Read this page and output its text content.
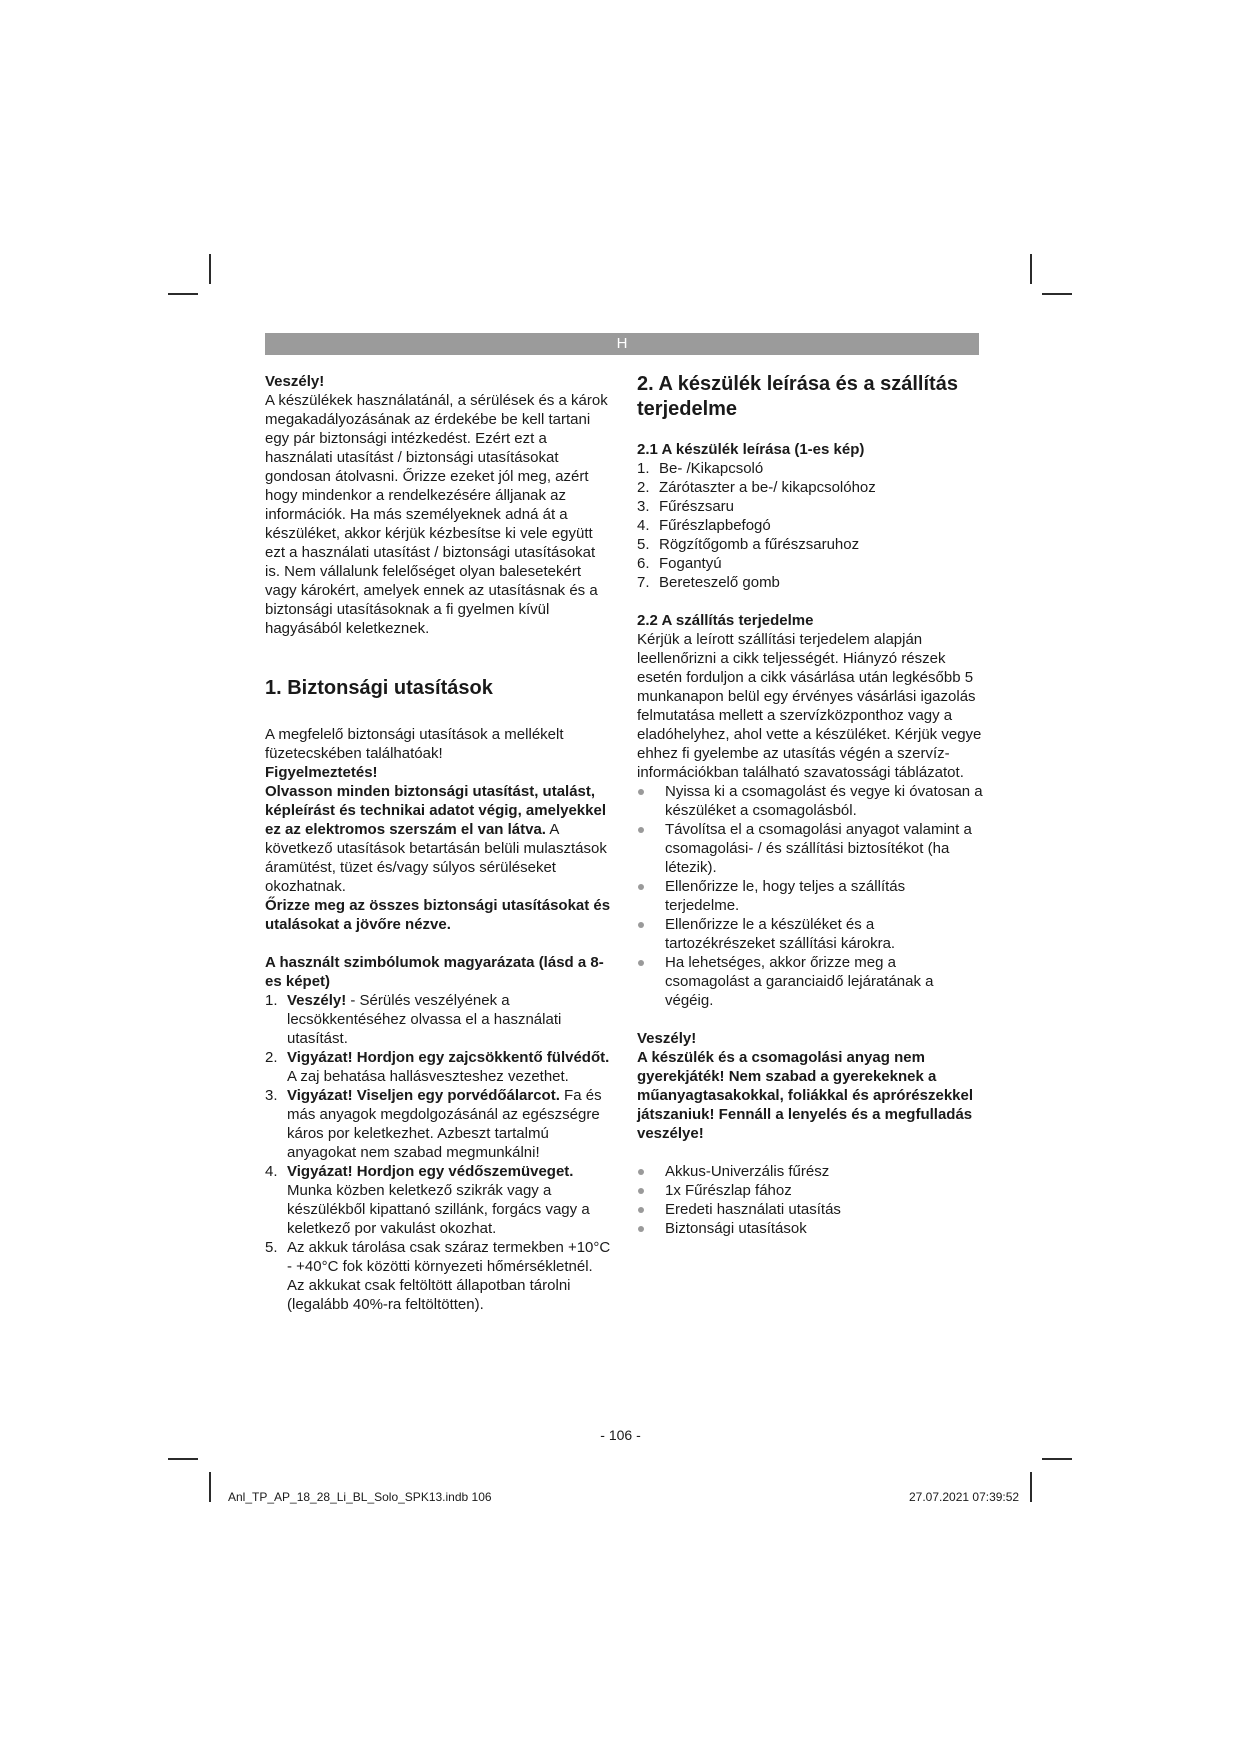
H

Veszély!

A készülékek használatánál, a sérülések és a károk megakadályozásának az érdekébe be kell tartani egy pár biztonsági intézkedést. Ezért ezt a használati utasítást / biztonsági utasításokat gondosan átolvasni. Őrizze ezeket jól meg, azért hogy mindenkor a rendelkezésére álljanak az információk. Ha más személyeknek adná át a készüléket, akkor kérjük kézbesítse ki vele együtt ezt a használati utasítást / biztonsági utasításokat is. Nem vállalunk felelőséget olyan balesetekért vagy károkért, amelyek ennek az utasításnak és a biztonsági utasításoknak a fi gyelmen kívül hagyásából keletkeznek.

1. Biztonsági utasítások

A megfelelő biztonsági utasítások a mellékelt füzetecskében találhatóak!

Figyelmeztetés!

Olvasson minden biztonsági utasítást, utalást, képleírást és technikai adatot végig, amelyekkel ez az elektromos szerszám el van látva. A következő utasítások betartásán belüli mulasztások áramütést, tüzet és/vagy súlyos sérüléseket okozhatnak.

Őrizze meg az összes biztonsági utasításokat és utalásokat a jövőre nézve.

A használt szimbólumok magyarázata (lásd a 8-es képet)

1. Veszély! - Sérülés veszélyének a lecsökkentéséhez olvassa el a használati utasítást.
2. Vigyázat! Hordjon egy zajcsökkentő fülvédőt. A zaj behatása hallásveszteshez vezethet.
3. Vigyázat! Viseljen egy porvédőálarcot. Fa és más anyagok megdolgozásánál az egészségre káros por keletkezhet. Azbeszt tartalmú anyagokat nem szabad megmunkálni!
4. Vigyázat! Hordjon egy védőszemüveget. Munka közben keletkező szikrák vagy a készülékből kipattanó szillánk, forgács vagy a keletkező por vakulást okozhat.
5. Az akkuk tárolása csak száraz termekben +10°C - +40°C fok közötti környezeti hőmérsékletnél. Az akkukat csak feltöltött állapotban tárolni (legalább 40%-ra feltöltötten).

2. A készülék leírása és a szállítás terjedelme

2.1 A készülék leírása (1-es kép)

1. Be- /Kikapcsoló
2. Zárótaszter a be-/ kikapcsolóhoz
3. Fűrészsaru
4. Fűrészlapbefogó
5. Rögzítőgomb a fűrészsaruhoz
6. Fogantyú
7. Bereteszelő gomb

2.2 A szállítás terjedelme

Kérjük a leírott szállítási terjedelem alapján leellenőrizni a cikk teljességét. Hiányzó részek esetén forduljon a cikk vásárlása után legkésőbb 5 munkanapon belül egy érvényes vásárlási igazolás felmutatása mellett a szervízközponthoz vagy a eladóhelyhez, ahol vette a készüléket. Kérjük vegye ehhez fi gyelembe az utasítás végén a szervíz-információkban található szavatossági táblázatot.

Nyissa ki a csomagolást és vegye ki óvatosan a készüléket a csomagolásból.
Távolítsa el a csomagolási anyagot valamint a csomagolási- / és szállítási biztosítékot (ha létezik).
Ellenőrizze le, hogy teljes a szállítás terjedelme.
Ellenőrizze le a készüléket és a tartozékrészeket szállítási károkra.
Ha lehetséges, akkor őrizze meg a csomagolást a garanciaidő lejáratának a végéig.

Veszély!

A készülék és a csomagolási anyag nem gyerekjáték! Nem szabad a gyerekeknek a műanyagtasakokkal, foliákkal és aprórészekkel játszaniuk! Fennáll a lenyelés és a megfulladás veszélye!

Akkus-Univerzális fűrész
1x Fűrészlap fához
Eredeti használati utasítás
Biztonsági utasítások
- 106 -
Anl_TP_AP_18_28_Li_BL_Solo_SPK13.indb 106	27.07.2021 07:39:52
